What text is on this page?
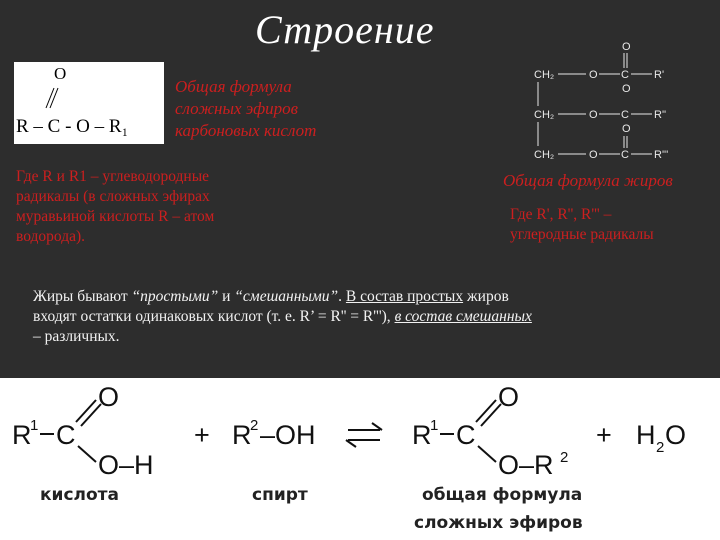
Строение
O
R – C - O – R₁
Общая формула
сложных эфиров
карбоновых кислот
Где R и R1 – углеводородные
радикалы (в сложных эфирах
муравьиной кислоты R – атом
водорода).
O
CH₂	O C R'
O
CH₂	O C R''
O
CH₂	O C R'''
Общая формула жиров
Где R', R'', R''' –
углеродные радикалы
Жиры бывают “простыми” и “смешанными”. В состав простых жиров
входят остатки одинаковых кислот (т. е. R’ = R'' = R'''), в состав смешанных
– различных.
R
1 C
O
O–H
кислота
+ R
2 –OH
спирт
R
1 C
O
O–R 2
общая формула
сложных эфиров
+ H 2 O
